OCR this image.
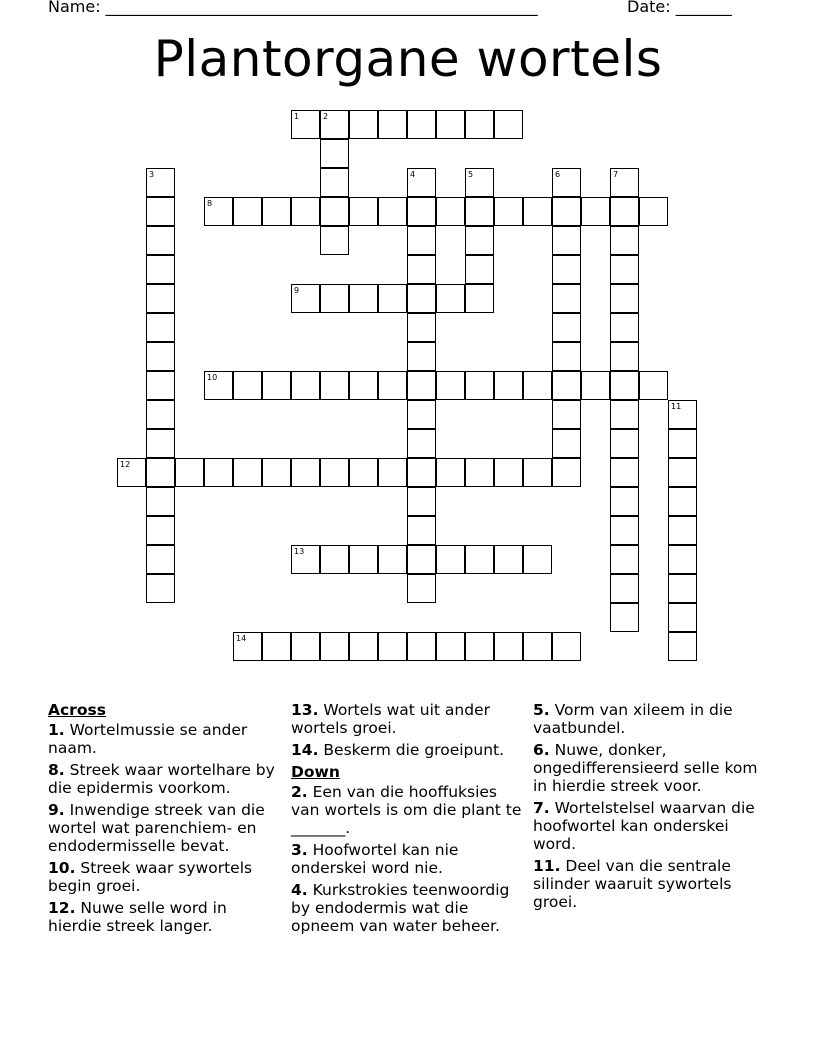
Name: ______________________________________________________	Date: _______
Plantorgane wortels
1	2
8
9
10
12
13
14
3	4	5	6	7
11
Across
1. Wortelmussie se ander naam.
8. Streek waar wortelhare by die epidermis voorkom.
9. Inwendige streek van die wortel wat parenchiem- en endodermisselle bevat.
10. Streek waar sywortels begin groei.
12. Nuwe selle word in hierdie streek langer.
13. Wortels wat uit ander wortels groei.
14. Beskerm die groeipunt.
Down
2. Een van die hooffuksies van wortels is om die plant te _______.
3. Hoofwortel kan nie onderskei word nie.
4. Kurkstrokies teenwoordig by endodermis wat die opneem van water beheer.
5. Vorm van xileem in die vaatbundel.
6. Nuwe, donker, ongedifferensieerd selle kom in hierdie streek voor.
7. Wortelstelsel waarvan die hoofwortel kan onderskei word.
11. Deel van die sentrale silinder waaruit sywortels groei.
